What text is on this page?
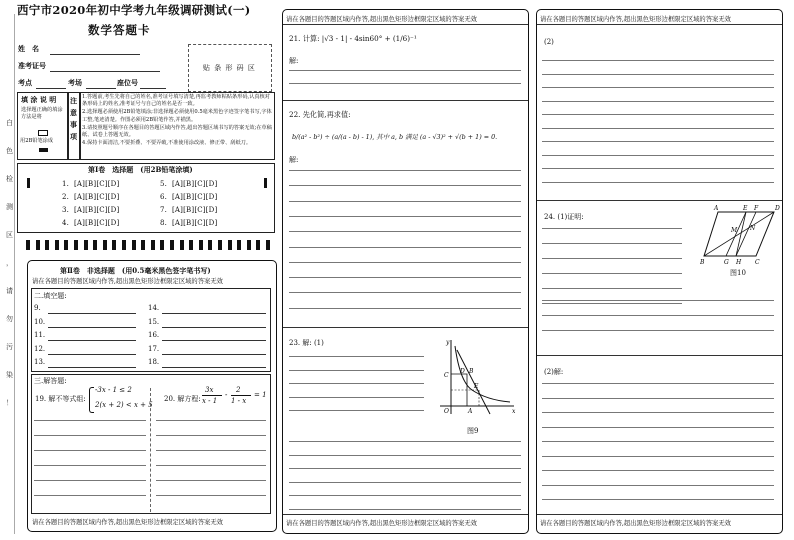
白
色
检
测
区
，
请
勿
污
染
！
西宁市2020年初中学考九年级调研测试(一)
数学答题卡
姓　名
准考证号
考点	考场	座位号
贴 条 形 码 区
填 涂 说 明
选择题正确的填涂方法是将
用2B铅笔涂成
注意事项
1.答题前,考生先将自己的姓名,准考证号填写清楚,再监考教师粘贴条形码,认真核对条形码上的姓名,准考证号与自己的姓名是否一致。
2.选择题必须使用2B铅笔填涂;非选择题必须使用0.5毫米黑色字迹签字笔书写,字体工整,笔迹清楚。作图必须用2B铅笔作答,并描黑。
3.请按照题号顺序在各题目的答题区域内作答,超出答题区域书写的答案无效;在草稿纸、试卷上答题无效。
4.保持卡面清洁,不要折叠、不要弄破,不准使用涂改液、修正带、刮纸刀。
第Ⅰ卷　选择题　(用2B铅笔涂填)
1. [A][B][C][D]
2. [A][B][C][D]
3. [A][B][C][D]
4. [A][B][C][D]
5. [A][B][C][D]
6. [A][B][C][D]
7. [A][B][C][D]
8. [A][B][C][D]
第Ⅱ卷　非选择题　(用0.5毫米黑色签字笔书写)
请在各题目的答题区域内作答,超出黑色矩形边框限定区域的答案无效
二.填空题:
9.
10.
11.
12.
13.
14.
15.
16.
17.
18.
三.解答题:
19. 解不等式组:
-3x - 1 ≤ 2
2(x + 2) < x + 5
20. 解方程:
3x
x - 1
-
2
1 - x
= 1
请在各题目的答题区域内作答,超出黑色矩形边框限定区域的答案无效
请在各题目的答题区域内作答,超出黑色矩形边框限定区域的答案无效
21. 计算: |√3 - 1| - 4sin60° + (1/6)⁻¹
解:
22. 先化简,再求值:
b/(a² - b²) ÷ (a/(a - b) - 1), 其中 a, b 满足 (a - √3)² + √(b + 1) = 0.
解:
23. 解: (1)	y
x
O	A
B
C
D
E
图9
请在各题目的答题区域内作答,超出黑色矩形边框限定区域的答案无效
请在各题目的答题区域内作答,超出黑色矩形边框限定区域的答案无效
(2)
24. (1)证明:
A	E F	D
M N
B	G H C
图10
(2)解:
请在各题目的答题区域内作答,超出黑色矩形边框限定区域的答案无效
